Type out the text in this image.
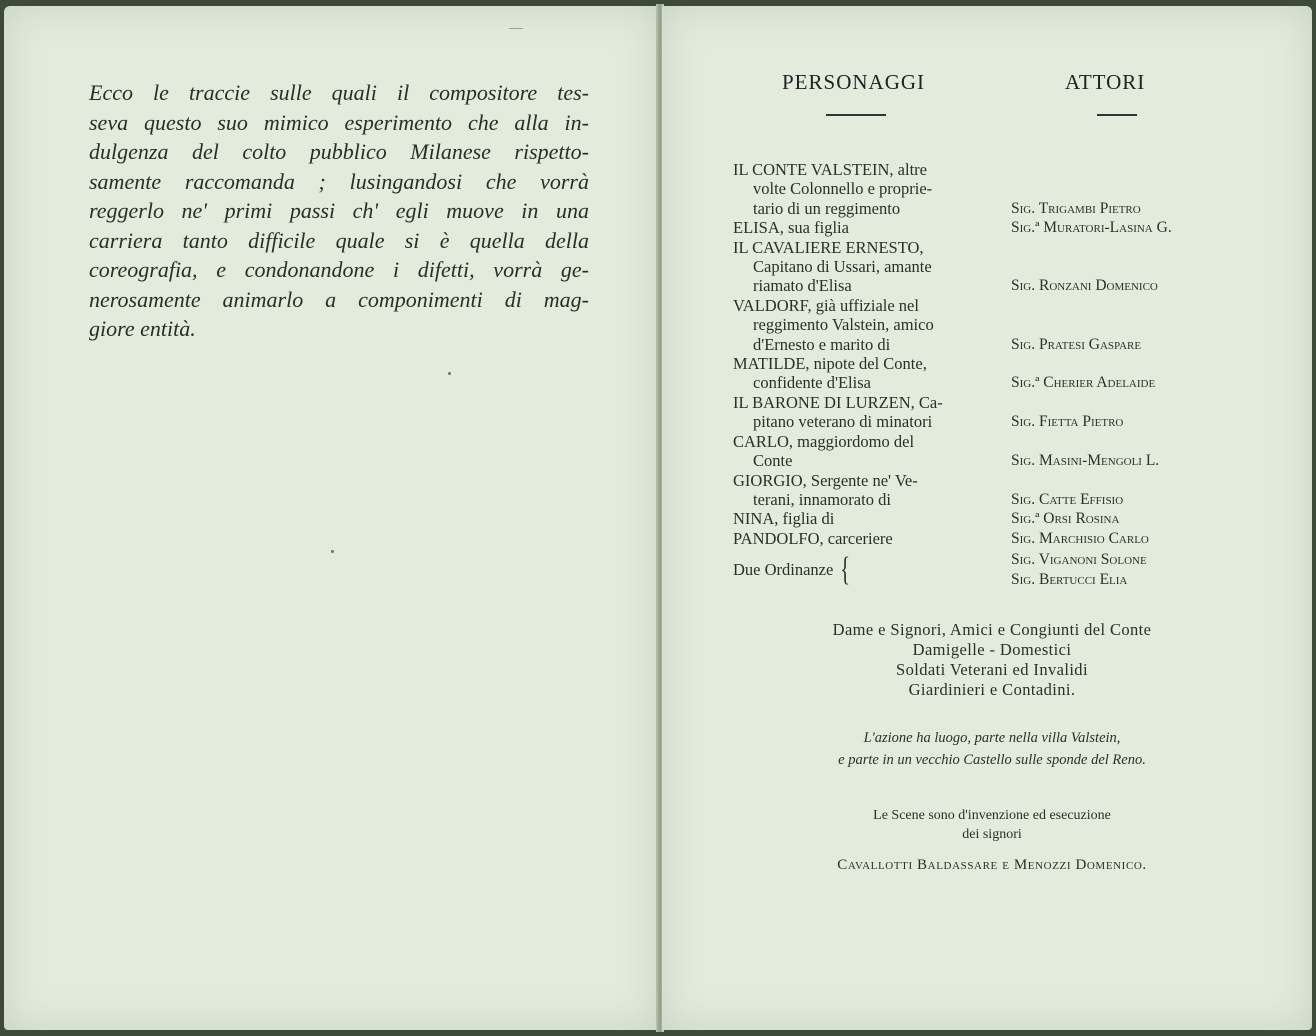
Ecco le traccie sulle quali il compositore tes-
seva questo suo mimico esperimento che alla in-
dulgenza del colto pubblico Milanese rispetto-
samente raccomanda ; lusingandosi che vorrà
reggerlo ne' primi passi ch' egli muove in una
carriera tanto difficile quale si è quella della
coreografia, e condonandone i difetti, vorrà ge-
nerosamente animarlo a componimenti di mag-
giore entità.

PERSONAGGI	ATTORI
IL CONTE VALSTEIN, altre
volte Colonnello e proprie-
tario di un reggimento	Sig. Trigambi Pietro
ELISA, sua figlia	Sig.ª Muratori-Lasina G.
IL CAVALIERE ERNESTO,
Capitano di Ussari, amante
riamato d'Elisa	Sig. Ronzani Domenico
VALDORF, già uffiziale nel
reggimento Valstein, amico
d'Ernesto e marito di	Sig. Pratesi Gaspare
MATILDE, nipote del Conte,
confidente d'Elisa	Sig.ª Cherier Adelaide
IL BARONE DI LURZEN, Ca-
pitano veterano di minatori	Sig. Fietta Pietro
CARLO, maggiordomo del
Conte	Sig. Masini-Mengoli L.
GIORGIO, Sergente ne' Ve-
terani, innamorato di	Sig. Catte Effisio
NINA, figlia di	Sig.ª Orsi Rosina
PANDOLFO, carceriere	Sig. Marchisio Carlo
Due Ordinanze {	Sig. Viganoni Solone
Sig. Bertucci Elia
Dame e Signori, Amici e Congiunti del Conte
Damigelle - Domestici
Soldati Veterani ed Invalidi
Giardinieri e Contadini.
L'azione ha luogo, parte nella villa Valstein,
e parte in un vecchio Castello sulle sponde del Reno.
Le Scene sono d'invenzione ed esecuzione
dei signori
Cavallotti Baldassare e Menozzi Domenico.
